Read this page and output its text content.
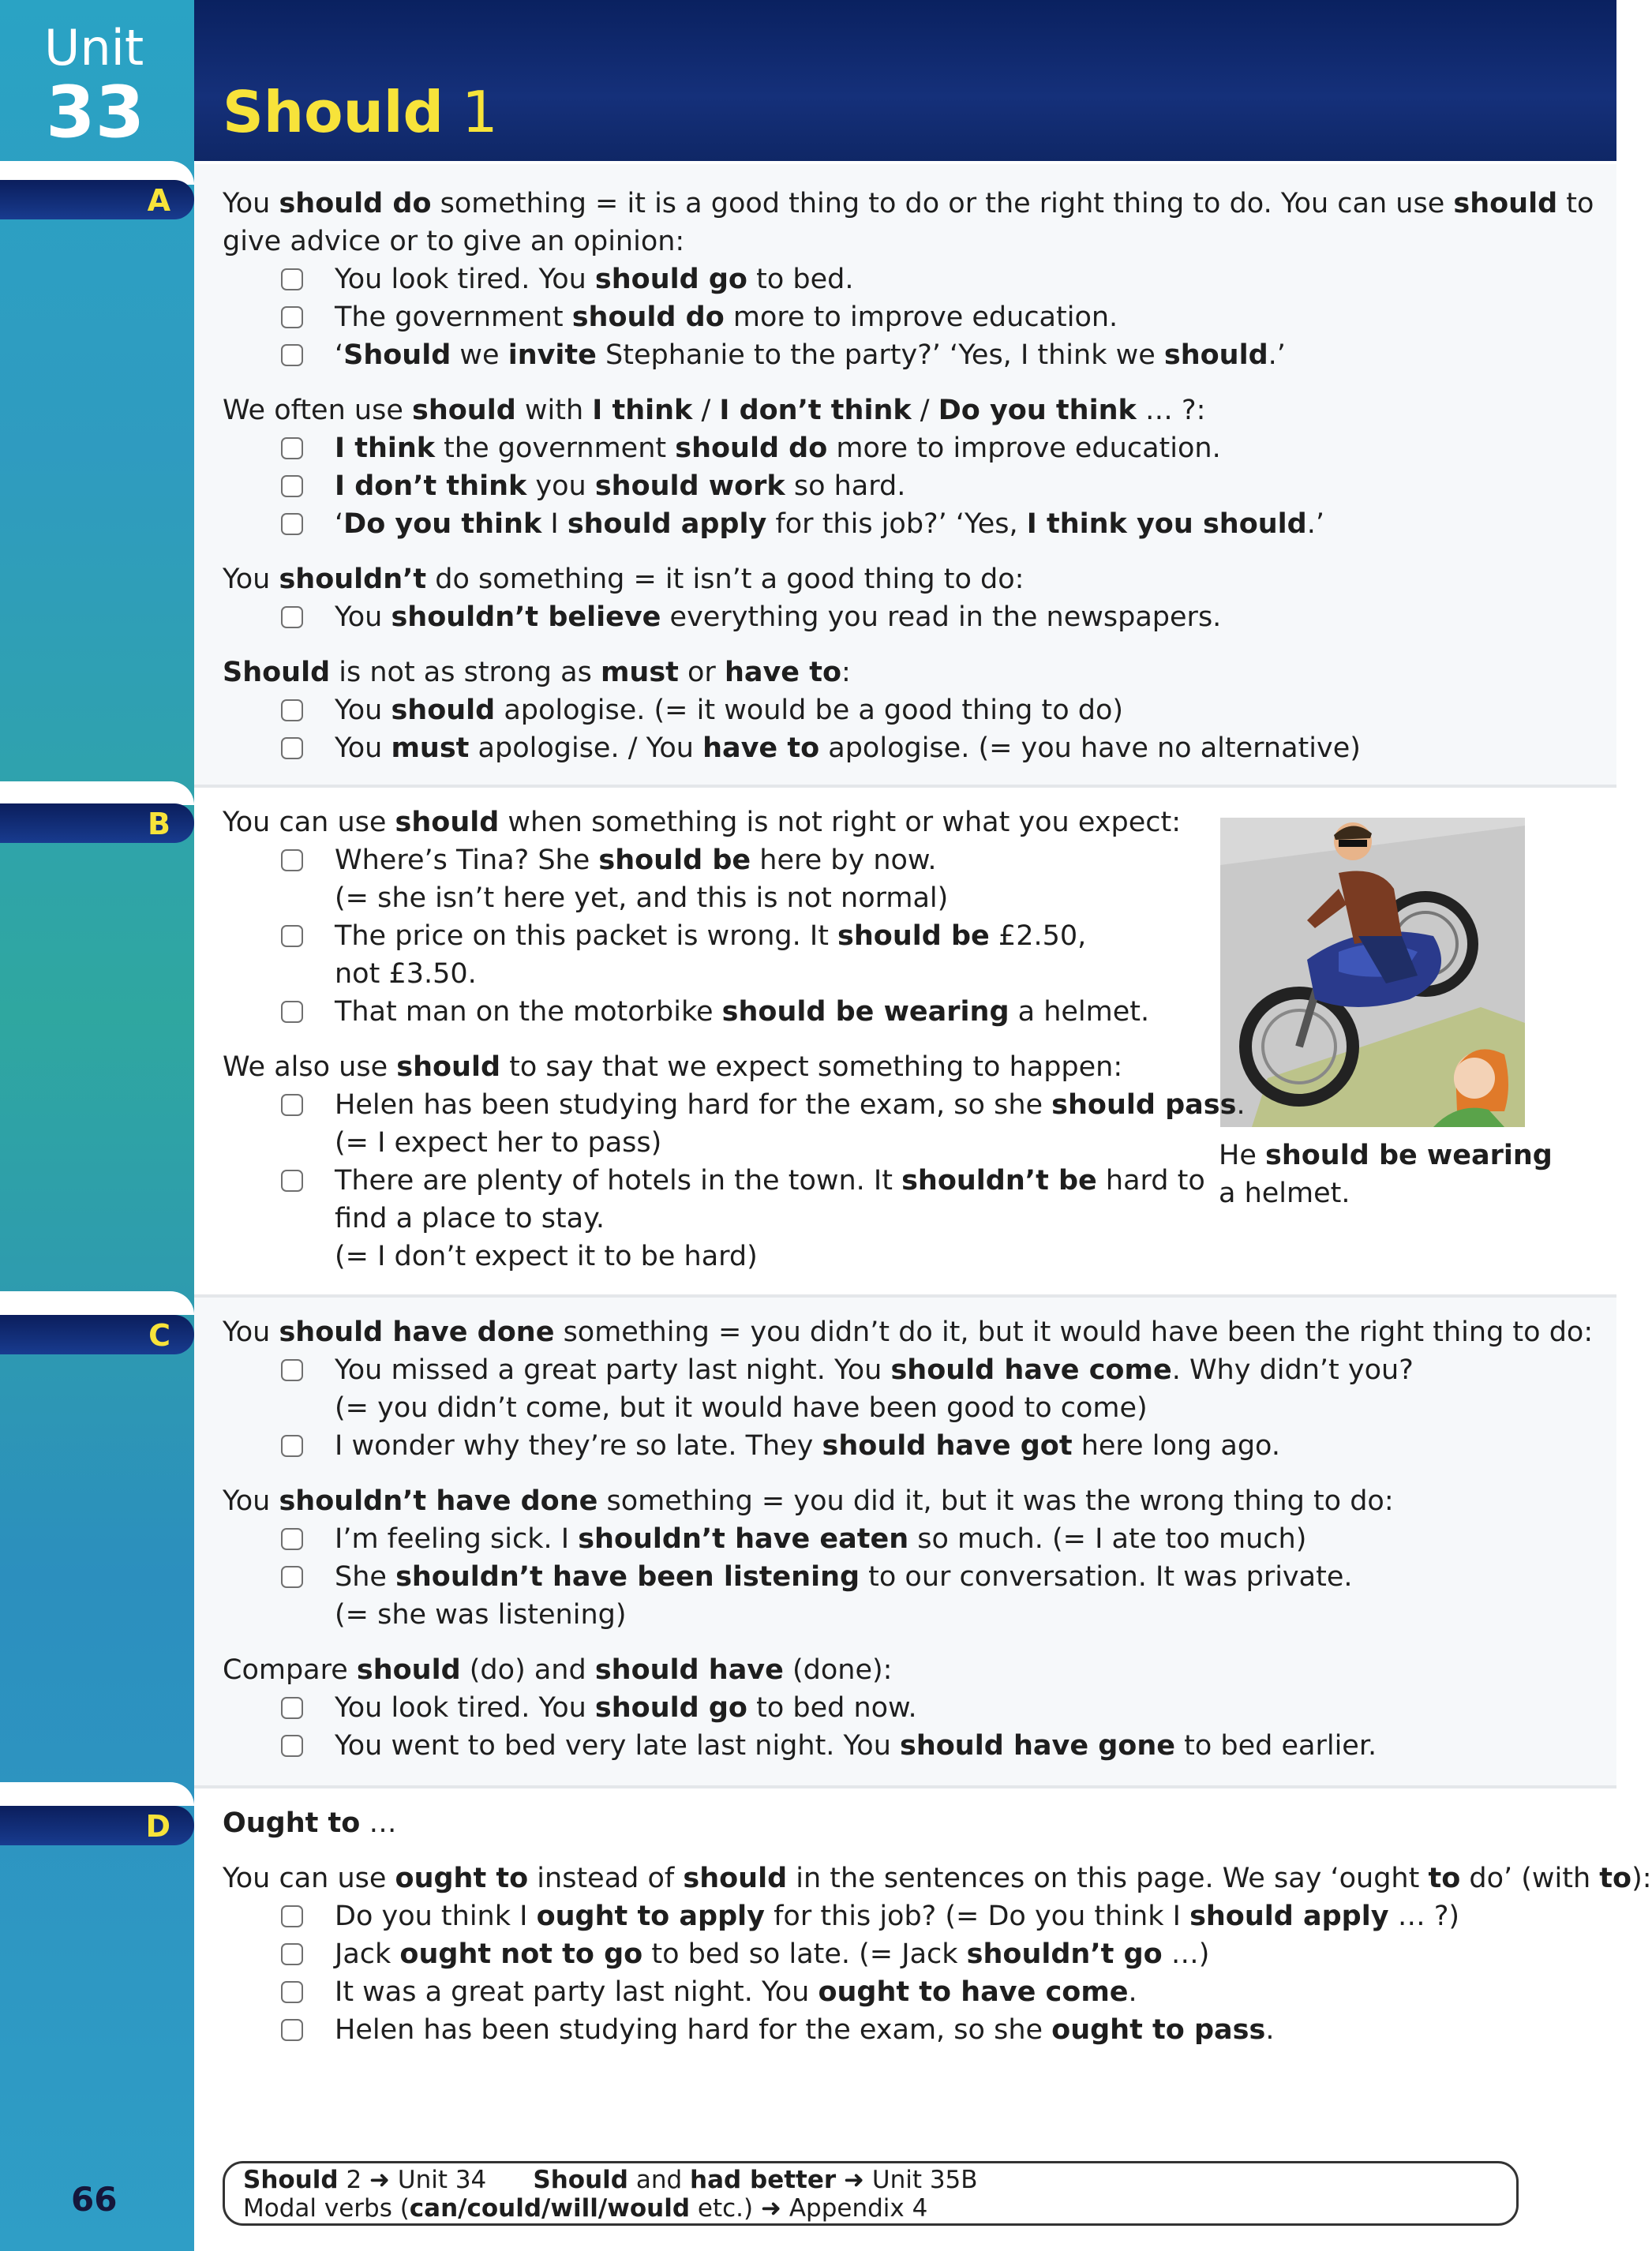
Unit
33 Should 1
A
B
C
D
He should be wearing
a helmet.
66	Should 2 ➜ Unit 34 Should and had better ➜ Unit 35B
Modal verbs (can/could/will/would etc.) ➜ Appendix 4
You should do something = it is a good thing to do or the right thing to do. You can use should to
give advice or to give an opinion:
You look tired. You should go to bed.
The government should do more to improve education.
‘Should we invite Stephanie to the party?’ ‘Yes, I think we should.’
We often use should with I think / I don’t think / Do you think … ?:
I think the government should do more to improve education.
I don’t think you should work so hard.
‘Do you think I should apply for this job?’ ‘Yes, I think you should.’
You shouldn’t do something = it isn’t a good thing to do:
You shouldn’t believe everything you read in the newspapers.
Should is not as strong as must or have to:
You should apologise. (= it would be a good thing to do)
You must apologise. / You have to apologise. (= you have no alternative)
You can use should when something is not right or what you expect:
Where’s Tina? She should be here by now.
(= she isn’t here yet, and this is not normal)
The price on this packet is wrong. It should be £2.50,
not £3.50.
That man on the motorbike should be wearing a helmet.
We also use should to say that we expect something to happen:
Helen has been studying hard for the exam, so she should pass.
(= I expect her to pass)
There are plenty of hotels in the town. It shouldn’t be hard to
find a place to stay.
(= I don’t expect it to be hard)
You should have done something = you didn’t do it, but it would have been the right thing to do:
You missed a great party last night. You should have come. Why didn’t you?
(= you didn’t come, but it would have been good to come)
I wonder why they’re so late. They should have got here long ago.
You shouldn’t have done something = you did it, but it was the wrong thing to do:
I’m feeling sick. I shouldn’t have eaten so much. (= I ate too much)
She shouldn’t have been listening to our conversation. It was private.
(= she was listening)
Compare should (do) and should have (done):
You look tired. You should go to bed now.
You went to bed very late last night. You should have gone to bed earlier.
Ought to …
You can use ought to instead of should in the sentences on this page. We say ‘ought to do’ (with to):
Do you think I ought to apply for this job? (= Do you think I should apply … ?)
Jack ought not to go to bed so late. (= Jack shouldn’t go …)
It was a great party last night. You ought to have come.
Helen has been studying hard for the exam, so she ought to pass.
